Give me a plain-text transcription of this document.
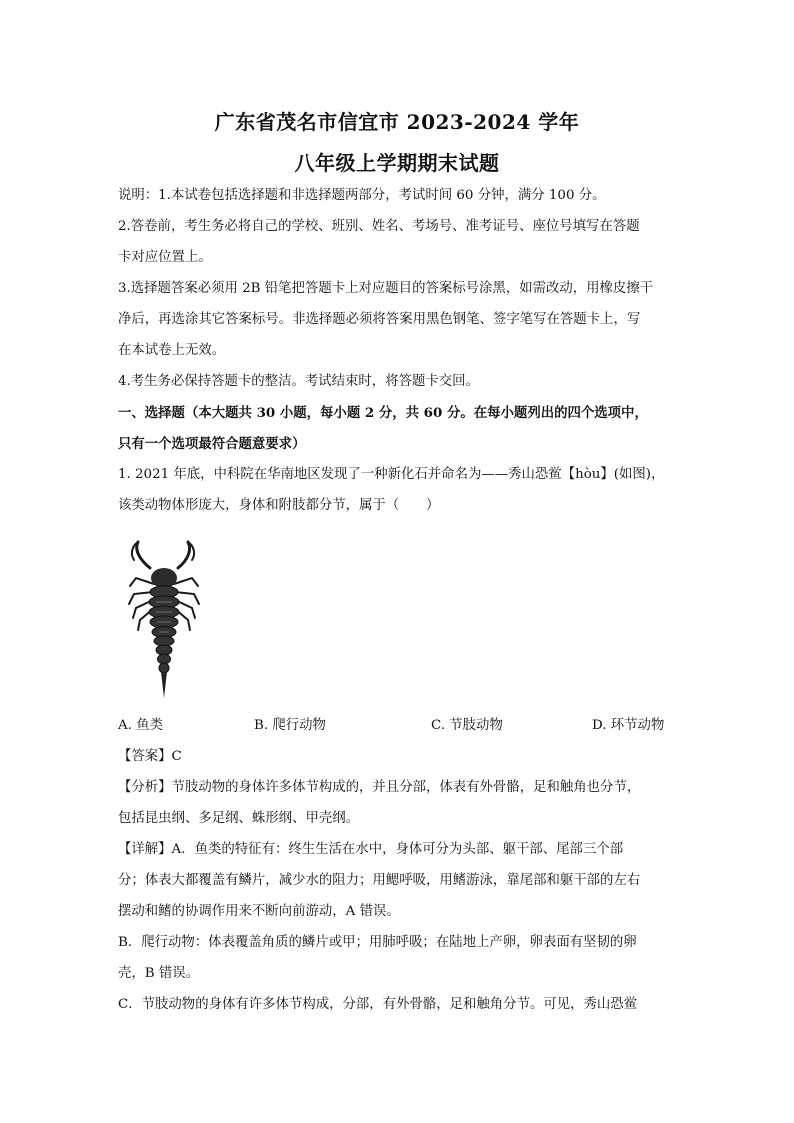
广东省茂名市信宜市 2023-2024 学年
八年级上学期期末试题
说明：1.本试卷包括选择题和非选择题两部分，考试时间 60 分钟，满分 100 分。
2.答卷前，考生务必将自己的学校、班别、姓名、考场号、准考证号、座位号填写在答题
卡对应位置上。
3.选择题答案必须用 2B 铅笔把答题卡上对应题目的答案标号涂黑，如需改动，用橡皮擦干
净后，再选涂其它答案标号。非选择题必须将答案用黑色钢笔、签字笔写在答题卡上，写
在本试卷上无效。
4.考生务必保持答题卡的整洁。考试结束时，将答题卡交回。
一、选择题（本大题共 30 小题，每小题 2 分，共 60 分。在每小题列出的四个选项中，
只有一个选项最符合题意要求）
1. 2021 年底，中科院在华南地区发现了一种新化石并命名为——秀山恐鲎【hòu】(如图)，
该类动物体形庞大，身体和附肢都分节，属于（　　）
A. 鱼类	B. 爬行动物	C. 节肢动物	D. 环节动物
【答案】C
【分析】节肢动物的身体许多体节构成的，并且分部，体表有外骨骼，足和触角也分节，
包括昆虫纲、多足纲、蛛形纲、甲壳纲。
【详解】A．鱼类的特征有：终生生活在水中，身体可分为头部、躯干部、尾部三个部
分；体表大都覆盖有鳞片，减少水的阻力；用鳃呼吸，用鳍游泳，靠尾部和躯干部的左右
摆动和鳍的协调作用来不断向前游动，A 错误。
B．爬行动物：体表覆盖角质的鳞片或甲；用肺呼吸；在陆地上产卵，卵表面有坚韧的卵
壳，B 错误。
C．节肢动物的身体有许多体节构成，分部，有外骨骼，足和触角分节。可见，秀山恐鲎
